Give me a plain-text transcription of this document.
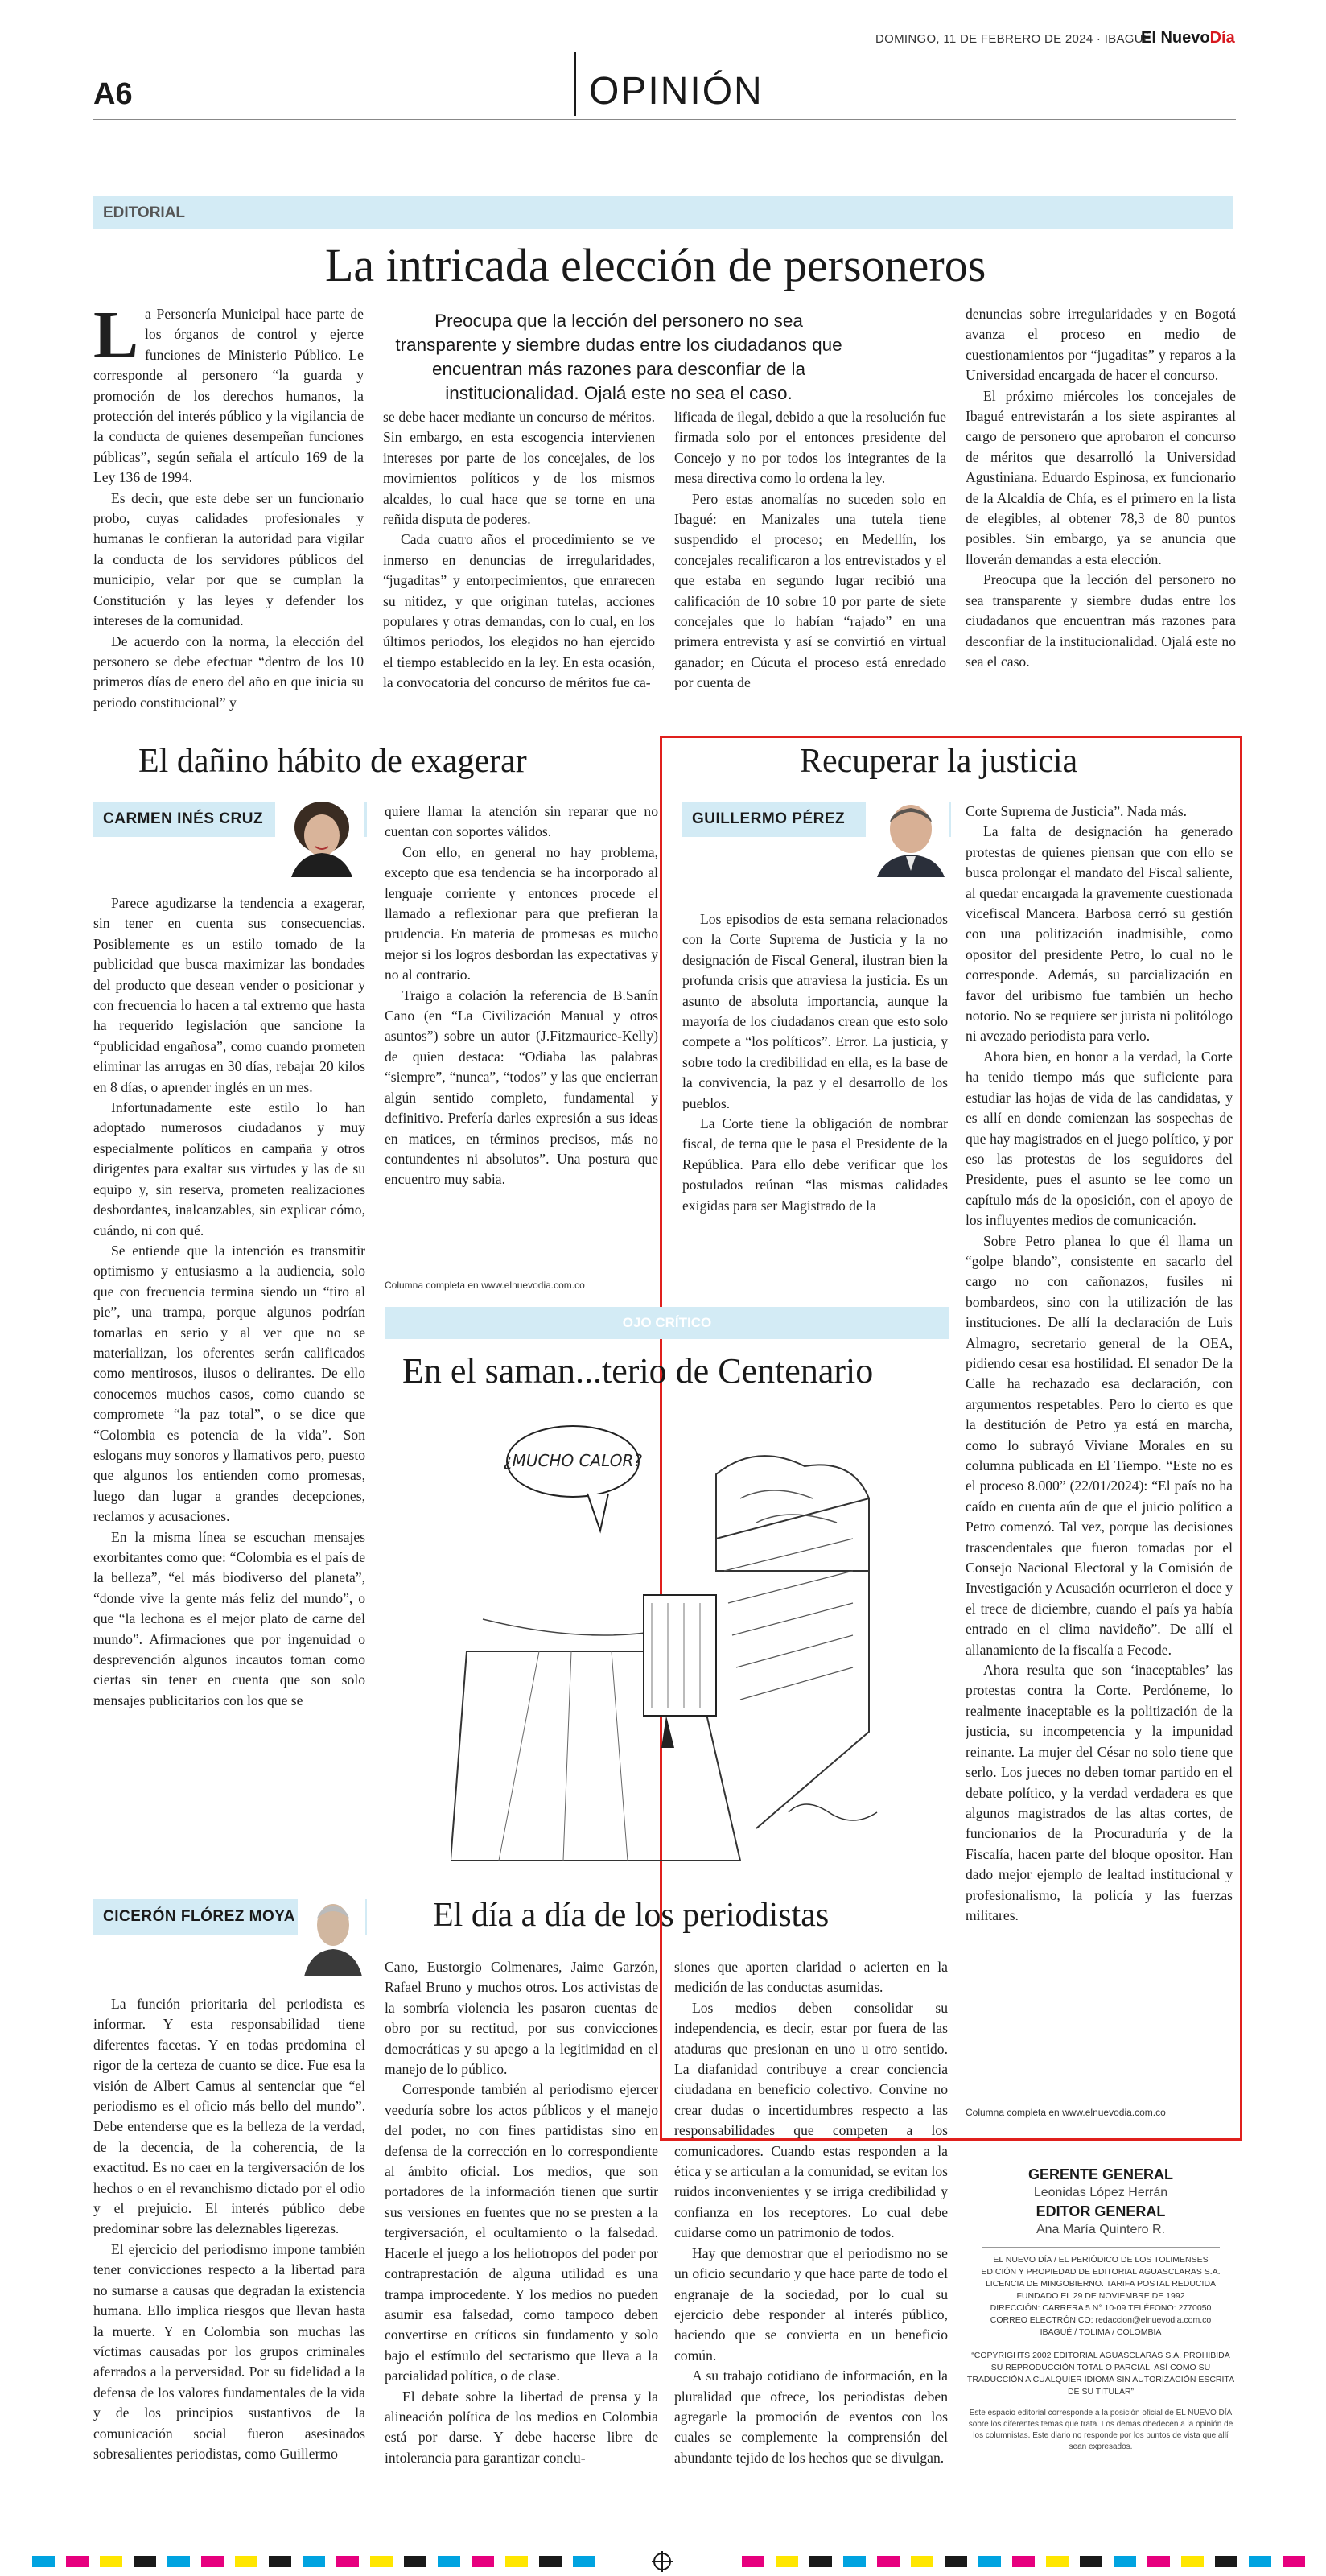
DOMINGO, 11 DE FEBRERO DE 2024 · IBAGUÉ
El NuevoDía
A6	OPINIÓN
EDITORIAL
La intricada elección de personeros

La Personería Municipal hace parte de los órganos de control y ejerce funciones de Ministerio Público. Le corresponde al personero “la guarda y promoción de los derechos humanos, la protección del interés público y la vigilancia de la conducta de quienes desempeñan funciones públicas”, según señala el artículo 169 de la Ley 136 de 1994.

Es decir, que este debe ser un funcionario probo, cuyas calidades profesionales y humanas le confieran la autoridad para vigilar la conducta de los servidores públicos del municipio, velar por que se cumplan la Constitución y las leyes y defender los intereses de la comunidad.

De acuerdo con la norma, la elección del personero se debe efectuar “dentro de los 10 primeros días de enero del año en que inicia su periodo constitucional” y

Preocupa que la lección del personero no sea transparente y siembre dudas entre los ciudadanos que encuentran más razones para desconfiar de la institucionalidad. Ojalá este no sea el caso.

se debe hacer mediante un concurso de méritos. Sin embargo, en esta escogencia intervienen intereses por parte de los concejales, de los movimientos políticos y de los mismos alcaldes, lo cual hace que se torne en una reñida disputa de poderes.

Cada cuatro años el procedimiento se ve inmerso en denuncias de irregularidades, “jugaditas” y entorpecimientos, que enrarecen su nitidez, y que originan tutelas, acciones populares y otras demandas, con lo cual, en los últimos periodos, los elegidos no han ejercido el tiempo establecido en la ley. En esta ocasión, la convocatoria del concurso de méritos fue ca-

lificada de ilegal, debido a que la resolución fue firmada solo por el entonces presidente del Concejo y no por todos los integrantes de la mesa directiva como lo ordena la ley.

Pero estas anomalías no suceden solo en Ibagué: en Manizales una tutela tiene suspendido el proceso; en Medellín, los concejales recalificaron a los entrevistados y el que estaba en segundo lugar recibió una calificación de 10 sobre 10 por parte de siete concejales que lo habían “rajado” en una primera entrevista y así se convirtió en virtual ganador; en Cúcuta el proceso está enredado por cuenta de

denuncias sobre irregularidades y en Bogotá avanza el proceso en medio de cuestionamientos por “jugaditas” y reparos a la Universidad encargada de hacer el concurso.

El próximo miércoles los concejales de Ibagué entrevistarán a los siete aspirantes al cargo de personero que aprobaron el concurso de méritos que desarrolló la Universidad Agustiniana. Eduardo Espinosa, ex funcionario de la Alcaldía de Chía, es el primero en la lista de elegibles, al obtener 78,3 de 80 puntos posibles. Sin embargo, ya se anuncia que lloverán demandas a esta elección.

Preocupa que la lección del personero no sea transparente y siembre dudas entre los ciudadanos que encuentran más razones para desconfiar de la institucionalidad. Ojalá este no sea el caso.

El dañino hábito de exagerar
CARMEN INÉS CRUZ

Parece agudizarse la tendencia a exagerar, sin tener en cuenta sus consecuencias. Posiblemente es un estilo tomado de la publicidad que busca maximizar las bondades del producto que desean vender o posicionar y con frecuencia lo hacen a tal extremo que hasta ha requerido legislación que sancione la “publicidad engañosa”, como cuando prometen eliminar las arrugas en 30 días, rebajar 20 kilos en 8 días, o aprender inglés en un mes.

Infortunadamente este estilo lo han adoptado numerosos ciudadanos y muy especialmente políticos en campaña y otros dirigentes para exaltar sus virtudes y las de su equipo y, sin reserva, prometen realizaciones desbordantes, inalcanzables, sin explicar cómo, cuándo, ni con qué.

Se entiende que la intención es transmitir optimismo y entusiasmo a la audiencia, solo que con frecuencia termina siendo un “tiro al pie”, una trampa, porque algunos podrían tomarlas en serio y al ver que no se materializan, los oferentes serán calificados como mentirosos, ilusos o delirantes. De ello conocemos muchos casos, como cuando se compromete “la paz total”, o se dice que “Colombia es potencia de la vida”. Son eslogans muy sonoros y llamativos pero, puesto que algunos los entienden como promesas, luego dan lugar a grandes decepciones, reclamos y acusaciones.

En la misma línea se escuchan mensajes exorbitantes como que: “Colombia es el país de la belleza”, “el más biodiverso del planeta”, “donde vive la gente más feliz del mundo”, o que “la lechona es el mejor plato de carne del mundo”. Afirmaciones que por ingenuidad o desprevención algunos incautos toman como ciertas sin tener en cuenta que son solo mensajes publicitarios con los que se

quiere llamar la atención sin reparar que no cuentan con soportes válidos.

Con ello, en general no hay problema, excepto que esa tendencia se ha incorporado al lenguaje corriente y entonces procede el llamado a reflexionar para que prefieran la prudencia. En materia de promesas es mucho mejor si los logros desbordan las expectativas y no al contrario.

Traigo a colación la referencia de B.Sanín Cano (en “La Civilización Manual y otros asuntos”) sobre un autor (J.Fitzmaurice-Kelly) de quien destaca: “Odiaba las palabras “siempre”, “nunca”, “todos” y las que encierran algún sentido completo, fundamental y definitivo. Prefería darles expresión a sus ideas en matices, en términos precisos, más no contundentes ni absolutos”. Una postura que encuentro muy sabia.

Columna completa en www.elnuevodia.com.co
Recuperar la justicia
GUILLERMO PÉREZ

Los episodios de esta semana relacionados con la Corte Suprema de Justicia y la no designación de Fiscal General, ilustran bien la profunda crisis que atraviesa la justicia. Es un asunto de absoluta importancia, aunque la mayoría de los ciudadanos crean que esto solo compete a “los políticos”. Error. La justicia, y sobre todo la credibilidad en ella, es la base de la convivencia, la paz y el desarrollo de los pueblos.

La Corte tiene la obligación de nombrar fiscal, de terna que le pasa el Presidente de la República. Para ello debe verificar que los postulados reúnan “las mismas calidades exigidas para ser Magistrado de la

Corte Suprema de Justicia”. Nada más.

La falta de designación ha generado protestas de quienes piensan que con ello se busca prolongar el mandato del Fiscal saliente, al quedar encargada la gravemente cuestionada vicefiscal Mancera. Barbosa cerró su gestión con una politización inadmisible, como opositor del presidente Petro, lo cual no le corresponde. Además, su parcialización en favor del uribismo fue también un hecho notorio. No se requiere ser jurista ni politólogo ni avezado periodista para verlo.

Ahora bien, en honor a la verdad, la Corte ha tenido tiempo más que suficiente para estudiar las hojas de vida de las candidatas, y es allí en donde comienzan las sospechas de que hay magistrados en el juego político, y por eso las protestas de los seguidores del Presidente, pues el asunto se lee como un capítulo más de la oposición, con el apoyo de los influyentes medios de comunicación.

Sobre Petro planea lo que él llama un “golpe blando”, consistente en sacarlo del cargo no con cañonazos, fusiles ni bombardeos, sino con la utilización de las instituciones. De allí la declaración de Luis Almagro, secretario general de la OEA, pidiendo cesar esa hostilidad. El senador De la Calle ha rechazado esa declaración, con argumentos respetables. Pero lo cierto es que la destitución de Petro ya está en marcha, como lo subrayó Viviane Morales en su columna publicada en El Tiempo. “Este no es el proceso 8.000” (22/01/2024): “El país no ha caído en cuenta aún de que el juicio político a Petro comenzó. Tal vez, porque las decisiones trascendentales que fueron tomadas por el Consejo Nacional Electoral y la Comisión de Investigación y Acusación ocurrieron el doce y el trece de diciembre, cuando el país ya había entrado en el clima navideño”. De allí el allanamiento de la fiscalía a Fecode.

Ahora resulta que son ‘inaceptables’ las protestas contra la Corte. Perdóneme, lo realmente inaceptable es la politización de la justicia, su incompetencia y la impunidad reinante. La mujer del César no solo tiene que serlo. Los jueces no deben tomar partido en el debate político, y la verdad verdadera es que algunos magistrados de las altas cortes, de funcionarios de la Procuraduría y de la Fiscalía, hacen parte del bloque opositor. Han dado mejor ejemplo de lealtad institucional y profesionalismo, la policía y las fuerzas militares.

Columna completa en www.elnuevodia.com.co
OJO CRÍTICO
En el saman...terio de Centenario
¿MUCHO CALOR?
CICERÓN FLÓREZ MOYA	El día a día de los periodistas

La función prioritaria del periodista es informar. Y esta responsabilidad tiene diferentes facetas. Y en todas predomina el rigor de la certeza de cuanto se dice. Fue esa la visión de Albert Camus al sentenciar que “el periodismo es el oficio más bello del mundo”. Debe entenderse que es la belleza de la verdad, de la decencia, de la coherencia, de la exactitud. Es no caer en la tergiversación de los hechos o en el revanchismo dictado por el odio y el prejuicio. El interés público debe predominar sobre las deleznables ligerezas.

El ejercicio del periodismo impone también tener convicciones respecto a la libertad para no sumarse a causas que degradan la existencia humana. Ello implica riesgos que llevan hasta la muerte. Y en Colombia son muchas las víctimas causadas por los grupos criminales aferrados a la perversidad. Por su fidelidad a la defensa de los valores fundamentales de la vida y de los principios sustantivos de la comunicación social fueron asesinados sobresalientes periodistas, como Guillermo

Cano, Eustorgio Colmenares, Jaime Garzón, Rafael Bruno y muchos otros. Los activistas de la sombría violencia les pasaron cuentas de obro por su rectitud, por sus convicciones democráticas y su apego a la legitimidad en el manejo de lo público.

Corresponde también al periodismo ejercer veeduría sobre los actos públicos y el manejo del poder, no con fines partidistas sino en defensa de la corrección en lo correspondiente al ámbito oficial. Los medios, que son portadores de la información tienen que surtir sus versiones en fuentes que no se presten a la tergiversación, el ocultamiento o la falsedad. Hacerle el juego a los heliotropos del poder por contraprestación de alguna utilidad es una trampa improcedente. Y los medios no pueden asumir esa falsedad, como tampoco deben convertirse en críticos sin fundamento y solo bajo el estímulo del sectarismo que lleva a la parcialidad política, o de clase.

El debate sobre la libertad de prensa y la alineación política de los medios en Colombia está por darse. Y debe hacerse libre de intolerancia para garantizar conclu-

siones que aporten claridad o acierten en la medición de las conductas asumidas.

Los medios deben consolidar su independencia, es decir, estar por fuera de las ataduras que presionan en uno u otro sentido. La diafanidad contribuye a crear conciencia ciudadana en beneficio colectivo. Convine no crear dudas o incertidumbres respecto a las responsabilidades que competen a los comunicadores. Cuando estas responden a la ética y se articulan a la comunidad, se evitan los ruidos inconvenientes y se irriga credibilidad y confianza en los receptores. Lo cual debe cuidarse como un patrimonio de todos.

Hay que demostrar que el periodismo no se un oficio secundario y que hace parte de todo el engranaje de la sociedad, por lo cual su ejercicio debe responder al interés público, haciendo que se convierta en un beneficio común.

A su trabajo cotidiano de información, en la pluralidad que ofrece, los periodistas deben agregarle la promoción de eventos con los cuales se complemente la comprensión del abundante tejido de los hechos que se divulgan.

GERENTE GENERAL
Leonidas López Herrán
EDITOR GENERAL
Ana María Quintero R.
EL NUEVO DÍA / EL PERIÓDICO DE LOS TOLIMENSES
EDICIÓN Y PROPIEDAD DE EDITORIAL AGUASCLARAS S.A.
LICENCIA DE MINGOBIERNO. TARIFA POSTAL REDUCIDA
FUNDADO EL 29 DE NOVIEMBRE DE 1992
DIRECCIÓN: CARRERA 5 N° 10-09 TELÉFONO: 2770050
CORREO ELECTRÓNICO: redaccion@elnuevodia.com.co
IBAGUÉ / TOLIMA / COLOMBIA
“COPYRIGHTS 2002 EDITORIAL AGUASCLARAS S.A. PROHIBIDA SU REPRODUCCIÓN TOTAL O PARCIAL, ASÍ COMO SU TRADUCCIÓN A CUALQUIER IDIOMA SIN AUTORIZACIÓN ESCRITA DE SU TITULAR”
Este espacio editorial corresponde a la posición oficial de EL NUEVO DÍA sobre los diferentes temas que trata. Los demás obedecen a la opinión de los columnistas. Este diario no responde por los puntos de vista que allí sean expresados.
